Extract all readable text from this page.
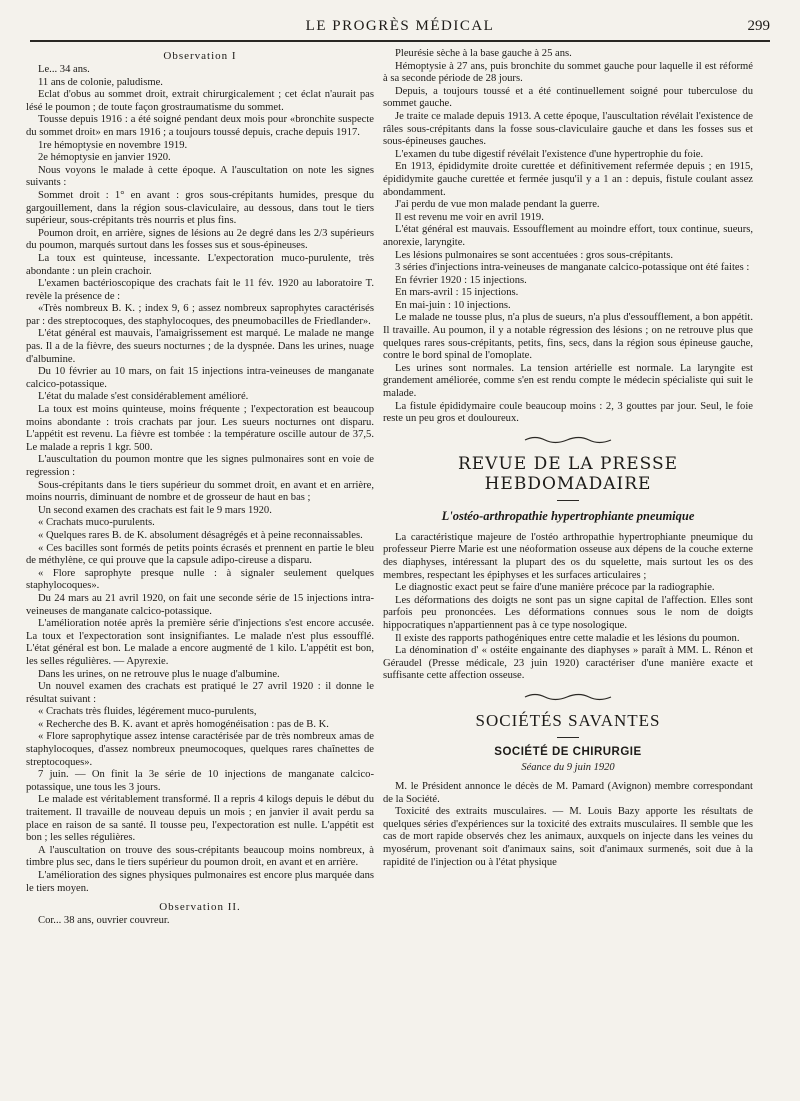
LE PROGRÈS MÉDICAL	299
Observation I

Le... 34 ans.

11 ans de colonie, paludisme.

Eclat d'obus au sommet droit, extrait chirurgicalement ; cet éclat n'aurait pas lésé le poumon ; de toute façon grostraumatisme du sommet.

Tousse depuis 1916 : a été soigné pendant deux mois pour «bronchite suspecte du sommet droit» en mars 1916 ; a toujours toussé depuis, crache depuis 1917.

1re hémoptysie en novembre 1919.

2e hémoptysie en janvier 1920.

Nous voyons le malade à cette époque. A l'auscultation on note les signes suivants :

Sommet droit : 1° en avant : gros sous-crépitants humides, presque du gargouillement, dans la région sous-claviculaire, au dessous, dans tout le tiers supérieur, sous-crépitants très nourris et plus fins.

Poumon droit, en arrière, signes de lésions au 2e degré dans les 2/3 supérieurs du poumon, marqués surtout dans les fosses sus et sous-épineuses.

La toux est quinteuse, incessante. L'expectoration muco-purulente, très abondante : un plein crachoir.

L'examen bactérioscopique des crachats fait le 11 fév. 1920 au laboratoire T. revèle la présence de :

«Très nombreux B. K. ; index 9, 6 ; assez nombreux saprophytes caractérisés par : des streptocoques, des staphylocoques, des pneumobacilles de Friedlander».

L'état général est mauvais, l'amaigrissement est marqué. Le malade ne mange pas. Il a de la fièvre, des sueurs nocturnes ; de la dyspnée. Dans les urines, nuage d'albumine.

Du 10 février au 10 mars, on fait 15 injections intra-veineuses de manganate calcico-potassique.

L'état du malade s'est considérablement amélioré.

La toux est moins quinteuse, moins fréquente ; l'expectoration est beaucoup moins abondante : trois crachats par jour. Les sueurs nocturnes ont disparu. L'appétit est revenu. La fièvre est tombée : la température oscille autour de 37,5. Le malade a repris 1 kgr. 500.

L'auscultation du poumon montre que les signes pulmonaires sont en voie de regression :

Sous-crépitants dans le tiers supérieur du sommet droit, en avant et en arrière, moins nourris, diminuant de nombre et de grosseur de haut en bas ;

Un second examen des crachats est fait le 9 mars 1920.

« Crachats muco-purulents.

« Quelques rares B. de K. absolument désagrégés et à peine reconnaissables.

« Ces bacilles sont formés de petits points écrasés et prennent en partie le bleu de méthylène, ce qui prouve que la capsule adipo-cireuse a disparu.

« Flore saprophyte presque nulle : à signaler seulement quelques staphylocoques».

Du 24 mars au 21 avril 1920, on fait une seconde série de 15 injections intra-veineuses de manganate calcico-potassique.

L'amélioration notée après la première série d'injections s'est encore accusée. La toux et l'expectoration sont insignifiantes. Le malade n'est plus essoufflé. L'état général est bon. Le malade a encore augmenté de 1 kilo. L'appétit est bon, les selles régulières. — Apyrexie.

Dans les urines, on ne retrouve plus le nuage d'albumine.

Un nouvel examen des crachats est pratiqué le 27 avril 1920 : il donne le résultat suivant :

« Crachats très fluides, légérement muco-purulents,

« Recherche des B. K. avant et après homogénéisation : pas de B. K.

« Flore saprophytique assez intense caractérisée par de très nombreux amas de staphylocoques, d'assez nombreux pneumocoques, quelques rares chaînettes de streptocoques».

7 juin. — On finit la 3e série de 10 injections de manganate calcico-potassique, une tous les 3 jours.

Le malade est véritablement transformé. Il a repris 4 kilogs depuis le début du traitement. Il travaille de nouveau depuis un mois ; en janvier il avait perdu sa place en raison de sa santé. Il tousse peu, l'expectoration est nulle. L'appétit est bon ; les selles régulières.

A l'auscultation on trouve des sous-crépitants beaucoup moins nombreux, à timbre plus sec, dans le tiers supérieur du poumon droit, en avant et en arrière.

L'amélioration des signes physiques pulmonaires est encore plus marquée dans le tiers moyen.

Observation II.

Cor... 38 ans, ouvrier couvreur.

Pleurésie sèche à la base gauche à 25 ans.

Hémoptysie à 27 ans, puis bronchite du sommet gauche pour laquelle il est réformé à sa seconde période de 28 jours.

Depuis, a toujours toussé et a été continuellement soigné pour tuberculose du sommet gauche.

Je traite ce malade depuis 1913. A cette époque, l'auscultation révélait l'existence de râles sous-crépitants dans la fosse sous-claviculaire gauche et dans les fosses sus et sous-épineuses gauches.

L'examen du tube digestif révélait l'existence d'une hypertrophie du foie.

En 1913, épididymite droite curettée et définitivement refermée depuis ; en 1915, épididymite gauche curettée et fermée jusqu'il y a 1 an : depuis, fistule coulant assez abondamment.

J'ai perdu de vue mon malade pendant la guerre.

Il est revenu me voir en avril 1919.

L'état général est mauvais. Essoufflement au moindre effort, toux continue, sueurs, anorexie, laryngite.

Les lésions pulmonaires se sont accentuées : gros sous-crépitants.

3 séries d'injections intra-veineuses de manganate calcico-potassique ont été faites :

En février 1920 : 15 injections.

En mars-avril : 15 injections.

En mai-juin : 10 injections.

Le malade ne tousse plus, n'a plus de sueurs, n'a plus d'essoufflement, a bon appétit. Il travaille. Au poumon, il y a notable régression des lésions ; on ne retrouve plus que quelques rares sous-crépitants, petits, fins, secs, dans la région sous épineuse gauche, contre le bord spinal de l'omoplate.

Les urines sont normales. La tension artérielle est normale. La laryngite est grandement améliorée, comme s'en est rendu compte le médecin spécialiste qui suit le malade.

La fistule épididymaire coule beaucoup moins : 2, 3 gouttes par jour. Seul, le foie reste un peu gros et douloureux.

REVUE DE LA PRESSE HEBDOMADAIRE
L'ostéo-arthropathie hypertrophiante pneumique

La caractéristique majeure de l'ostéo arthropathie hypertrophiante pneumique du professeur Pierre Marie est une néoformation osseuse aux dépens de la couche externe des diaphyses, intéressant la plupart des os du squelette, mais surtout les os des membres, respectant les épiphyses et les surfaces articulaires ;

Le diagnostic exact peut se faire d'une manière précoce par la radiographie.

Les déformations des doigts ne sont pas un signe capital de l'affection. Elles sont parfois peu prononcées. Les déformations connues sous le nom de doigts hippocratiques n'appartiennent pas à ce type nosologique.

Il existe des rapports pathogéniques entre cette maladie et les lésions du poumon.

La dénomination d' « ostéite engainante des diaphyses » paraît à MM. L. Rénon et Géraudel (Presse médicale, 23 juin 1920) caractériser d'une manière exacte et suffisante cette affection osseuse.

SOCIÉTÉS SAVANTES
SOCIÉTÉ DE CHIRURGIE
Séance du 9 juin 1920

M. le Président annonce le décès de M. Pamard (Avignon) membre correspondant de la Société.

Toxicité des extraits musculaires. — M. Louis Bazy apporte les résultats de quelques séries d'expériences sur la toxicité des extraits musculaires. Il semble que les cas de mort rapide observés chez les animaux, auxquels on injecte dans les veines du myosérum, provenant soit d'animaux sains, soit d'animaux surmenés, soit due à la rapidité de l'injection ou à l'état physique
